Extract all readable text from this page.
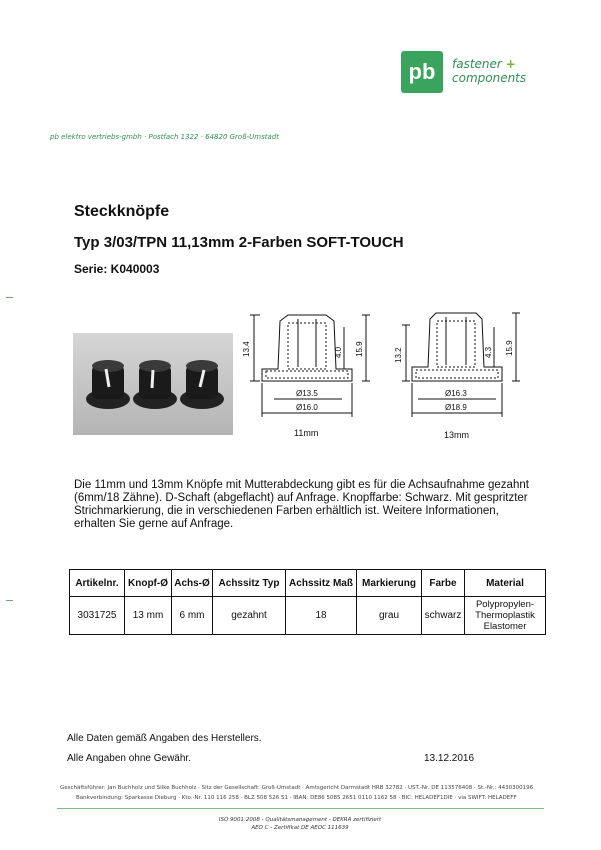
pb	fastener +
components
pb elektro vertriebs-gmbh · Postfach 1322 · 64820 Groß-Umstadt
Steckknöpfe
Typ 3/03/TPN 11,13mm 2-Farben SOFT-TOUCH
Serie: K040003
13.4	4.0 15.9
Ø13.5
Ø16.0
11mm
13.2	4.3 15.9
Ø16.3
Ø18.9
13mm
Die 11mm und 13mm Knöpfe mit Mutterabdeckung gibt es für die Achsaufnahme gezahnt (6mm/18 Zähne). D-Schaft (abgeflacht) auf Anfrage. Knopffarbe: Schwarz. Mit gespritzter Strichmarkierung, die in verschiedenen Farben erhältlich ist. Weitere Informationen, erhalten Sie gerne auf Anfrage.
Artikelnr.	Knopf-Ø	Achs-Ø	Achssitz Typ	Achssitz Maß	Markierung	Farbe	Material
3031725	13 mm	6 mm	gezahnt	18	grau	schwarz	Polypropylen-
Thermoplastik
Elastomer
Alle Daten gemäß Angaben des Herstellers.
Alle Angaben ohne Gewähr.	13.12.2016
Geschäftsführer: Jan Buchholz und Silke Buchholz · Sitz der Gesellschaft: Groß-Umstadt · Amtsgericht Darmstadt HRB 32782 · UST.-Nr. DE 113576408 · St.-Nr.: 4430300196
Bankverbindung: Sparkasse Dieburg · Kto.-Nr. 110 116 258 · BLZ 508 526 51 · IBAN: DE86 5085 2651 0110 1162 58 · BIC: HELADEF1DIE · via SWIFT: HELADEFF
ISO 9001:2008 - Qualitätsmanagement - DEKRA zertifiziert
AEO C - Zertifikat DE AEOC 111639
